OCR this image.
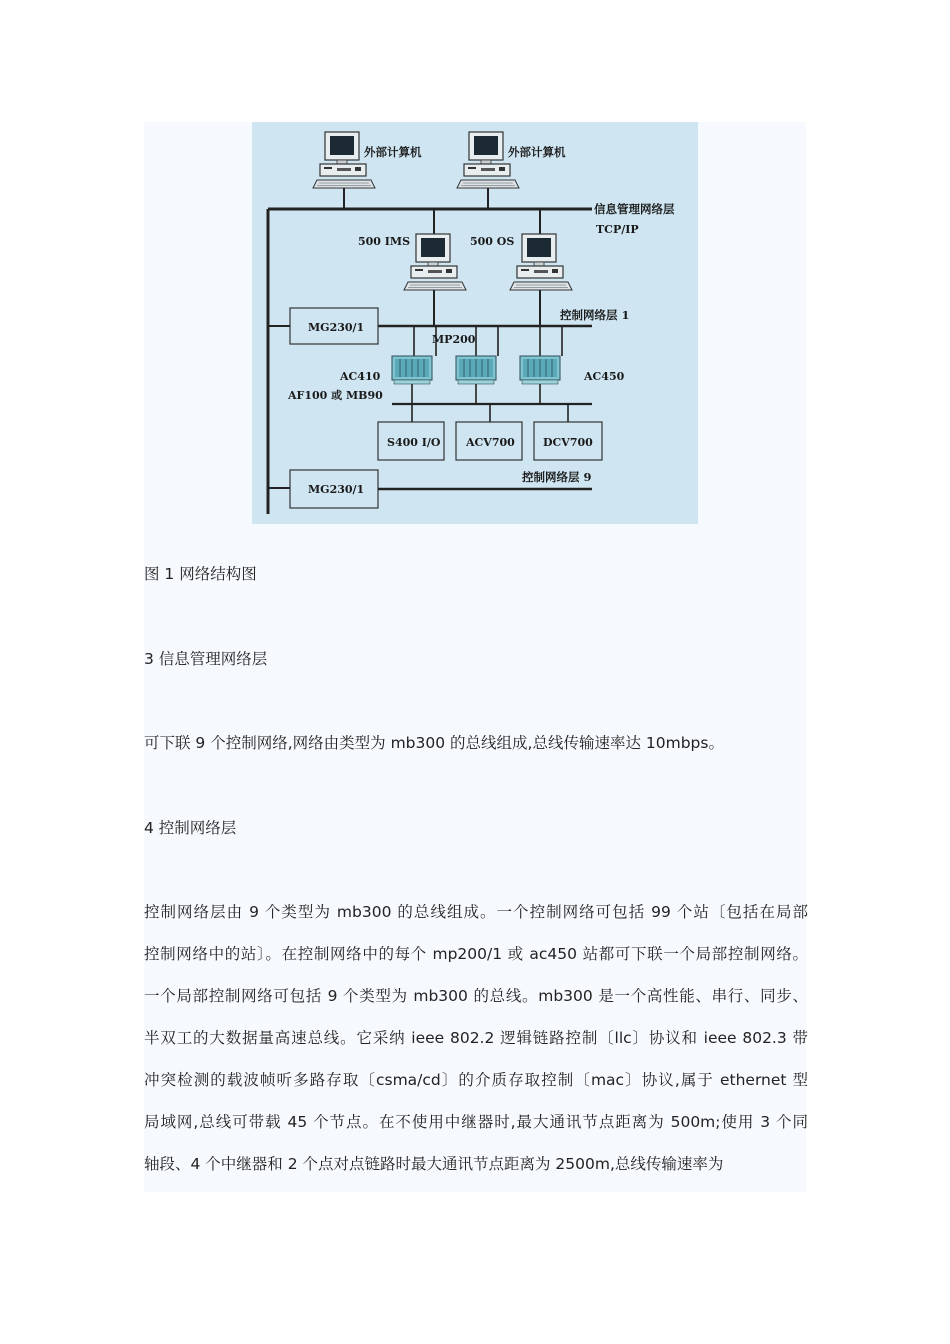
外部计算机	外部计算机
信息管理网络层
TCP/IP
500 IMS	500 OS
控制网络层 1
MG230/1
MP200
AC410
AF100 或 MB90
AC450
S400 I/O ACV700	DCV700
控制网络层 9
MG230/1

图 1 网络结构图

3 信息管理网络层

可下联 9 个控制网络,网络由类型为 mb300 的总线组成,总线传输速率达 10mbps。

4 控制网络层

控制网络层由 9 个类型为 mb300 的总线组成。一个控制网络可包括 99 个站〔包括在局部
控制网络中的站〕。在控制网络中的每个 mp200/1 或 ac450 站都可下联一个局部控制网络。
一个局部控制网络可包括 9 个类型为 mb300 的总线。mb300 是一个高性能、串行、同步、
半双工的大数据量高速总线。它采纳 ieee 802.2 逻辑链路控制〔llc〕协议和 ieee 802.3 带
冲突检测的载波帧听多路存取〔csma/cd〕的介质存取控制〔mac〕协议,属于 ethernet 型
局域网,总线可带载 45 个节点。在不使用中继器时,最大通讯节点距离为 500m;使用 3 个同
轴段、4 个中继器和 2 个点对点链路时最大通讯节点距离为 2500m,总线传输速率为
